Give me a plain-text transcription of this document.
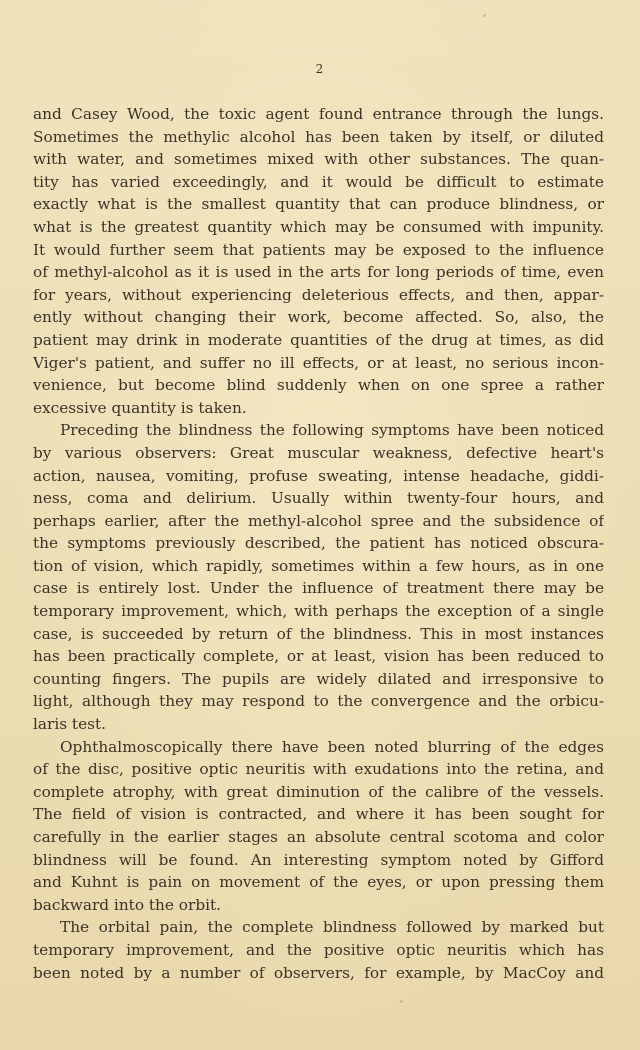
2
and Casey Wood, the toxic agent found entrance through the lungs.
Sometimes the methylic alcohol has been taken by itself, or diluted
with water, and sometimes mixed with other substances. The quan-
tity has varied exceedingly, and it would be difficult to estimate
exactly what is the smallest quantity that can produce blindness, or
what is the greatest quantity which may be consumed with impunity.
It would further seem that patients may be exposed to the influence
of methyl-alcohol as it is used in the arts for long periods of time, even
for years, without experiencing deleterious effects, and then, appar-
ently without changing their work, become affected. So, also, the
patient may drink in moderate quantities of the drug at times, as did
Viger's patient, and suffer no ill effects, or at least, no serious incon-
venience, but become blind suddenly when on one spree a rather
excessive quantity is taken.
Preceding the blindness the following symptoms have been noticed
by various observers: Great muscular weakness, defective heart's
action, nausea, vomiting, profuse sweating, intense headache, giddi-
ness, coma and delirium. Usually within twenty-four hours, and
perhaps earlier, after the methyl-alcohol spree and the subsidence of
the symptoms previously described, the patient has noticed obscura-
tion of vision, which rapidly, sometimes within a few hours, as in one
case is entirely lost. Under the influence of treatment there may be
temporary improvement, which, with perhaps the exception of a single
case, is succeeded by return of the blindness. This in most instances
has been practically complete, or at least, vision has been reduced to
counting fingers. The pupils are widely dilated and irresponsive to
light, although they may respond to the convergence and the orbicu-
laris test.
Ophthalmoscopically there have been noted blurring of the edges
of the disc, positive optic neuritis with exudations into the retina, and
complete atrophy, with great diminution of the calibre of the vessels.
The field of vision is contracted, and where it has been sought for
carefully in the earlier stages an absolute central scotoma and color
blindness will be found. An interesting symptom noted by Gifford
and Kuhnt is pain on movement of the eyes, or upon pressing them
backward into the orbit.
The orbital pain, the complete blindness followed by marked but
temporary improvement, and the positive optic neuritis which has
been noted by a number of observers, for example, by MacCoy and
